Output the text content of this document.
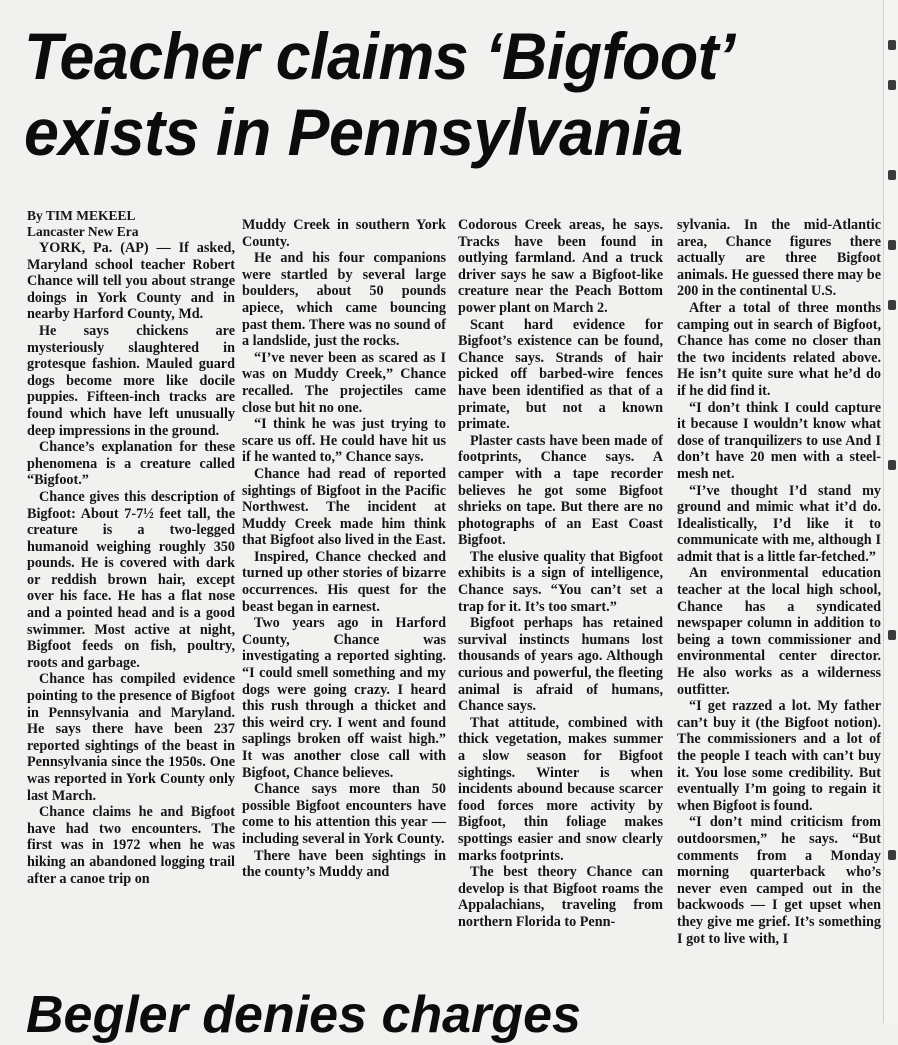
Teacher claims ‘Bigfoot’
exists in Pennsylvania

By TIM MEKEEL

Lancaster New Era

YORK, Pa. (AP) — If asked, Maryland school teacher Robert Chance will tell you about strange doings in York County and in nearby Harford County, Md.

He says chickens are mysteriously slaughtered in grotesque fashion. Mauled guard dogs become more like docile puppies. Fifteen-inch tracks are found which have left unusually deep impressions in the ground.

Chance’s explanation for these phenomena is a creature called “Bigfoot.”

Chance gives this description of Bigfoot: About 7-7½ feet tall, the creature is a two-legged humanoid weighing roughly 350 pounds. He is covered with dark or reddish brown hair, except over his face. He has a flat nose and a pointed head and is a good swimmer. Most active at night, Bigfoot feeds on fish, poultry, roots and garbage.

Chance has compiled evidence pointing to the presence of Bigfoot in Pennsylvania and Maryland. He says there have been 237 reported sightings of the beast in Pennsylvania since the 1950s. One was reported in York County only last March.

Chance claims he and Bigfoot have had two encounters. The first was in 1972 when he was hiking an abandoned logging trail after a canoe trip on

Muddy Creek in southern York County.

He and his four companions were startled by several large boulders, about 50 pounds apiece, which came bouncing past them. There was no sound of a landslide, just the rocks.

“I’ve never been as scared as I was on Muddy Creek,” Chance recalled. The projectiles came close but hit no one.

“I think he was just trying to scare us off. He could have hit us if he wanted to,” Chance says.

Chance had read of reported sightings of Bigfoot in the Pacific Northwest. The incident at Muddy Creek made him think that Bigfoot also lived in the East.

Inspired, Chance checked and turned up other stories of bizarre occurrences. His quest for the beast began in earnest.

Two years ago in Harford County, Chance was investigating a reported sighting. “I could smell something and my dogs were going crazy. I heard this rush through a thicket and this weird cry. I went and found saplings broken off waist high.” It was another close call with Bigfoot, Chance believes.

Chance says more than 50 possible Bigfoot encounters have come to his attention this year — including several in York County.

There have been sightings in the county’s Muddy and

Codorous Creek areas, he says. Tracks have been found in outlying farmland. And a truck driver says he saw a Bigfoot-like creature near the Peach Bottom power plant on March 2.

Scant hard evidence for Bigfoot’s existence can be found, Chance says. Strands of hair picked off barbed-wire fences have been identified as that of a primate, but not a known primate.

Plaster casts have been made of footprints, Chance says. A camper with a tape recorder believes he got some Bigfoot shrieks on tape. But there are no photographs of an East Coast Bigfoot.

The elusive quality that Bigfoot exhibits is a sign of intelligence, Chance says. “You can’t set a trap for it. It’s too smart.”

Bigfoot perhaps has retained survival instincts humans lost thousands of years ago. Although curious and powerful, the fleeting animal is afraid of humans, Chance says.

That attitude, combined with thick vegetation, makes summer a slow season for Bigfoot sightings. Winter is when incidents abound because scarcer food forces more activity by Bigfoot, thin foliage makes spottings easier and snow clearly marks footprints.

The best theory Chance can develop is that Bigfoot roams the Appalachians, traveling from northern Florida to Penn-

sylvania. In the mid-Atlantic area, Chance figures there actually are three Bigfoot animals. He guessed there may be 200 in the continental U.S.

After a total of three months camping out in search of Bigfoot, Chance has come no closer than the two incidents related above. He isn’t quite sure what he’d do if he did find it.

“I don’t think I could capture it because I wouldn’t know what dose of tranquilizers to use And I don’t have 20 men with a steel-mesh net.

“I’ve thought I’d stand my ground and mimic what it’d do. Idealistically, I’d like it to communicate with me, although I admit that is a little far-fetched.”

An environmental education teacher at the local high school, Chance has a syndicated newspaper column in addition to being a town commissioner and environmental center director. He also works as a wilderness outfitter.

“I get razzed a lot. My father can’t buy it (the Bigfoot notion). The commissioners and a lot of the people I teach with can’t buy it. You lose some credibility. But eventually I’m going to regain it when Bigfoot is found.

“I don’t mind criticism from outdoorsmen,” he says. “But comments from a Monday morning quarterback who’s never even camped out in the backwoods — I get upset when they give me grief. It’s something I got to live with, I

Begler denies charges
